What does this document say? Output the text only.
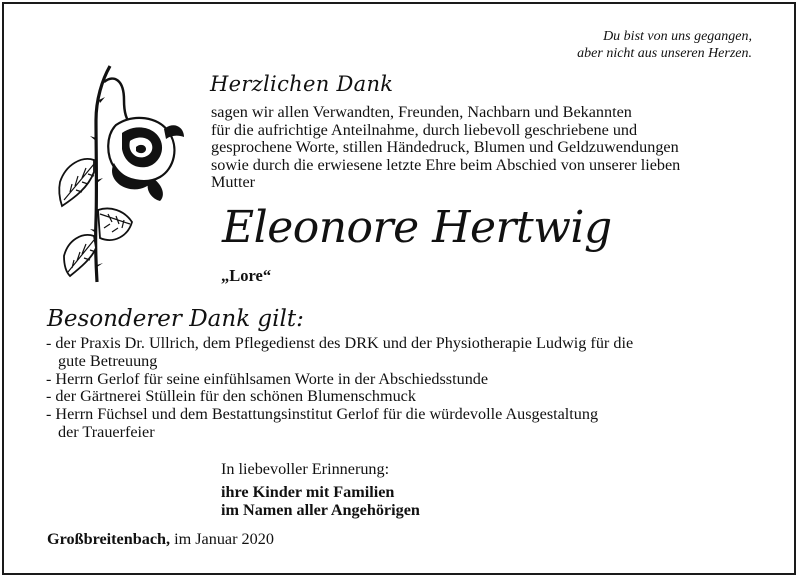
Du bist von uns gegangen,
aber nicht aus unseren Herzen.
Herzlichen Dank
sagen wir allen Verwandten, Freunden, Nachbarn und Bekannten
für die aufrichtige Anteilnahme, durch liebevoll geschriebene und
gesprochene Worte, stillen Händedruck, Blumen und Geldzuwendungen
sowie durch die erwiesene letzte Ehre beim Abschied von unserer lieben
Mutter
Eleonore Hertwig
„Lore“
Besonderer Dank gilt:
- der Praxis Dr. Ullrich, dem Pflegedienst des DRK und der Physiotherapie Ludwig für die
gute Betreuung
- Herrn Gerlof für seine einfühlsamen Worte in der Abschiedsstunde
- der Gärtnerei Stüllein für den schönen Blumenschmuck
- Herrn Füchsel und dem Bestattungsinstitut Gerlof für die würdevolle Ausgestaltung
der Trauerfeier
In liebevoller Erinnerung:
ihre Kinder mit Familien
im Namen aller Angehörigen
Großbreitenbach, im Januar 2020
